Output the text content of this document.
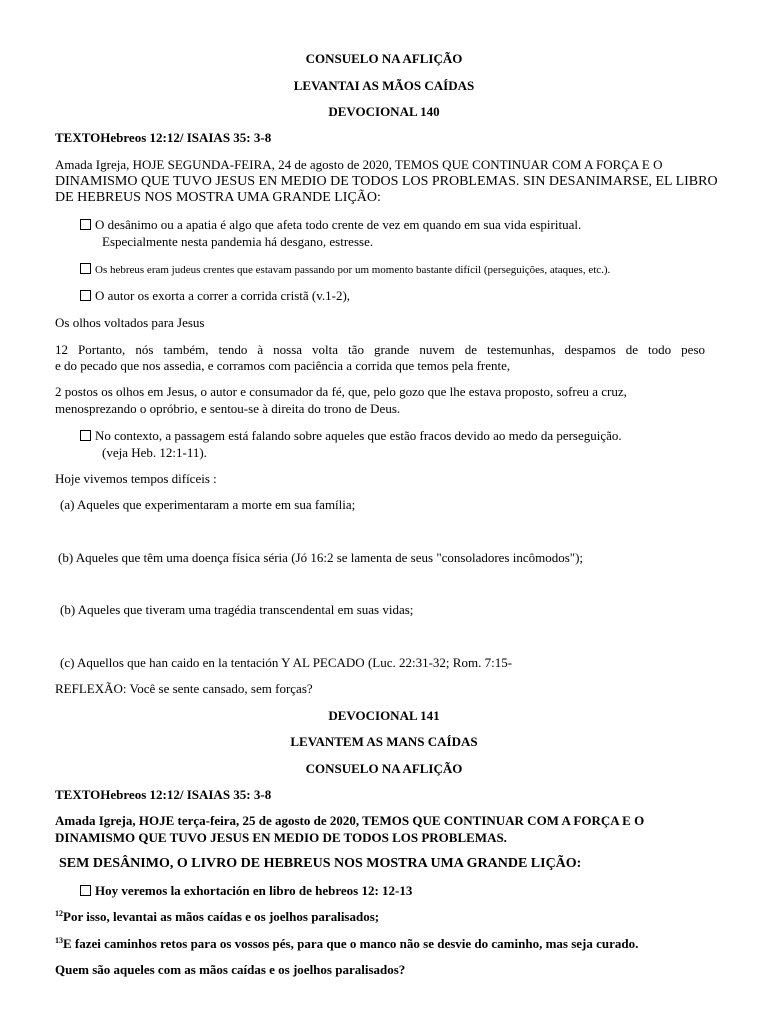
CONSUELO NA AFLIÇÃO
LEVANTAI AS MÃOS CAÍDAS
DEVOCIONAL 140
TEXTOHebreos 12:12/ ISAIAS 35: 3-8
Amada Igreja, HOJE SEGUNDA-FEIRA, 24 de agosto de 2020, TEMOS QUE CONTINUAR COM A FORÇA E O
DINAMISMO QUE TUVO JESUS EN MEDIO DE TODOS LOS PROBLEMAS. SIN DESANIMARSE, EL LIBRO
DE HEBREUS NOS MOSTRA UMA GRANDE LIÇÃO:
O desânimo ou a apatia é algo que afeta todo crente de vez em quando em sua vida espiritual.
Especialmente nesta pandemia há desgano, estresse.
Os hebreus eram judeus crentes que estavam passando por um momento bastante difícil (perseguições, ataques, etc.).
O autor os exorta a correr a corrida cristã (v.1-2),
Os olhos voltados para Jesus
12 Portanto, nós também, tendo à nossa volta tão grande nuvem de testemunhas, despamos de todo peso
e do pecado que nos assedia, e corramos com paciência a corrida que temos pela frente,
2 postos os olhos em Jesus, o autor e consumador da fé, que, pelo gozo que lhe estava proposto, sofreu a cruz,
menosprezando o opróbrio, e sentou-se à direita do trono de Deus.
No contexto, a passagem está falando sobre aqueles que estão fracos devido ao medo da perseguição.
(veja Heb. 12:1-11).
Hoje vivemos tempos difíceis :
(a) Aqueles que experimentaram a morte em sua família;
(b) Aqueles que têm uma doença física séria (Jó 16:2 se lamenta de seus "consoladores incômodos");
(b) Aqueles que tiveram uma tragédia transcendental em suas vidas;
(c) Aquellos que han caido en la tentación Y AL PECADO (Luc. 22:31-32; Rom. 7:15-
REFLEXÃO: Você se sente cansado, sem forças?
DEVOCIONAL 141
LEVANTEM AS MANS CAÍDAS
CONSUELO NA AFLIÇÃO
TEXTOHebreos 12:12/ ISAIAS 35: 3-8
Amada Igreja, HOJE terça-feira, 25 de agosto de 2020, TEMOS QUE CONTINUAR COM A FORÇA E O
DINAMISMO QUE TUVO JESUS EN MEDIO DE TODOS LOS PROBLEMAS.
SEM DESÂNIMO, O LIVRO DE HEBREUS NOS MOSTRA UMA GRANDE LIÇÃO:
Hoy veremos la exhortación en libro de hebreos 12: 12-13
$^{12}$Por isso, levantai as mãos caídas e os joelhos paralisados;
$^{13}$E fazei caminhos retos para os vossos pés, para que o manco não se desvie do caminho, mas seja curado.
Quem são aqueles com as mãos caídas e os joelhos paralisados?
